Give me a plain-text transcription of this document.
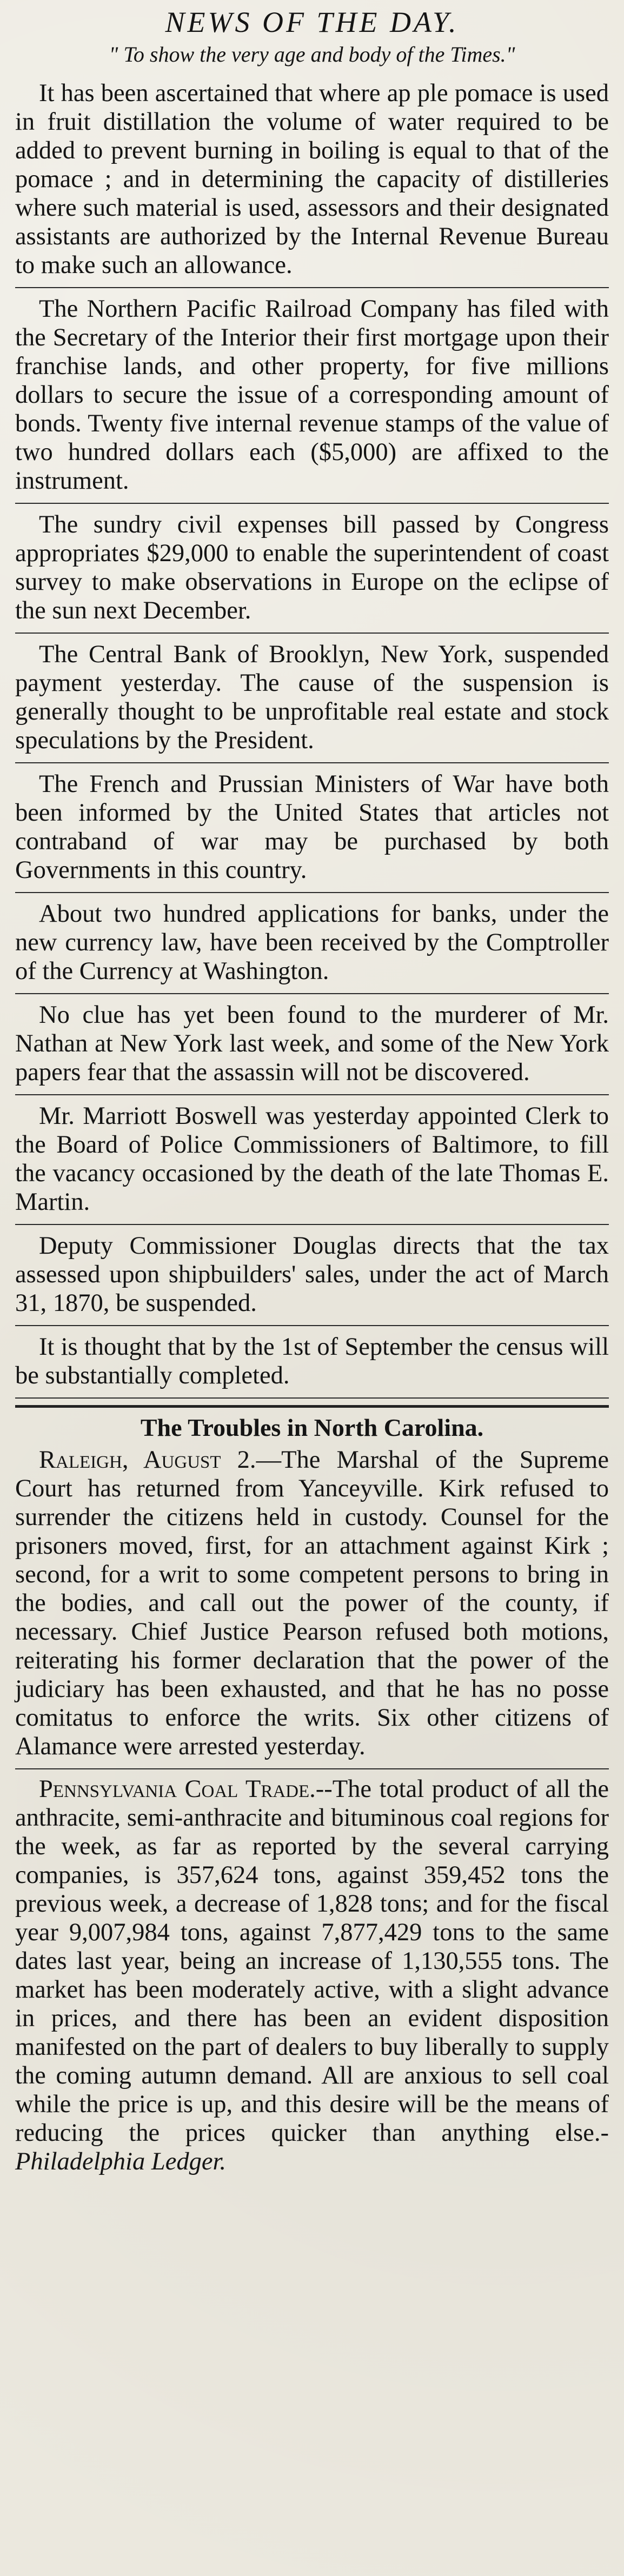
NEWS OF THE DAY.

" To show the very age and body of the Times."

It has been ascertained that where ap ple pomace is used in fruit distillation the volume of water required to be added to prevent burning in boiling is equal to that of the pomace ; and in determining the capacity of distilleries where such material is used, assessors and their designated assistants are authorized by the Internal Revenue Bureau to make such an allowance.

The Northern Pacific Railroad Company has filed with the Secretary of the Interior their first mortgage upon their franchise lands, and other property, for five millions dollars to secure the issue of a corresponding amount of bonds. Twenty five internal revenue stamps of the value of two hundred dollars each ($5,000) are affixed to the instrument.

The sundry civil expenses bill passed by Congress appropriates $29,000 to enable the superintendent of coast survey to make observations in Europe on the eclipse of the sun next December.

The Central Bank of Brooklyn, New York, suspended payment yesterday. The cause of the suspension is generally thought to be unprofitable real estate and stock speculations by the President.

The French and Prussian Ministers of War have both been informed by the United States that articles not contraband of war may be purchased by both Governments in this country.

About two hundred applications for banks, under the new currency law, have been received by the Comptroller of the Currency at Washington.

No clue has yet been found to the murderer of Mr. Nathan at New York last week, and some of the New York papers fear that the assassin will not be discovered.

Mr. Marriott Boswell was yesterday appointed Clerk to the Board of Police Commissioners of Baltimore, to fill the vacancy occasioned by the death of the late Thomas E. Martin.

Deputy Commissioner Douglas directs that the tax assessed upon shipbuilders' sales, under the act of March 31, 1870, be suspended.

It is thought that by the 1st of September the census will be substantially completed.

The Troubles in North Carolina.

Raleigh, August 2.—The Marshal of the Supreme Court has returned from Yanceyville. Kirk refused to surrender the citizens held in custody. Counsel for the prisoners moved, first, for an attachment against Kirk ; second, for a writ to some competent persons to bring in the bodies, and call out the power of the county, if necessary. Chief Justice Pearson refused both motions, reiterating his former declaration that the power of the judiciary has been exhausted, and that he has no posse comitatus to enforce the writs. Six other citizens of Alamance were arrested yesterday.

Pennsylvania Coal Trade.--The total product of all the anthracite, semi-anthracite and bituminous coal regions for the week, as far as reported by the several carrying companies, is 357,624 tons, against 359,452 tons the previous week, a decrease of 1,828 tons; and for the fiscal year 9,007,984 tons, against 7,877,429 tons to the same dates last year, being an increase of 1,130,555 tons. The market has been moderately active, with a slight advance in prices, and there has been an evident disposition manifested on the part of dealers to buy liberally to supply the coming autumn demand. All are anxious to sell coal while the price is up, and this desire will be the means of reducing the prices quicker than anything else.- Philadelphia Ledger.
